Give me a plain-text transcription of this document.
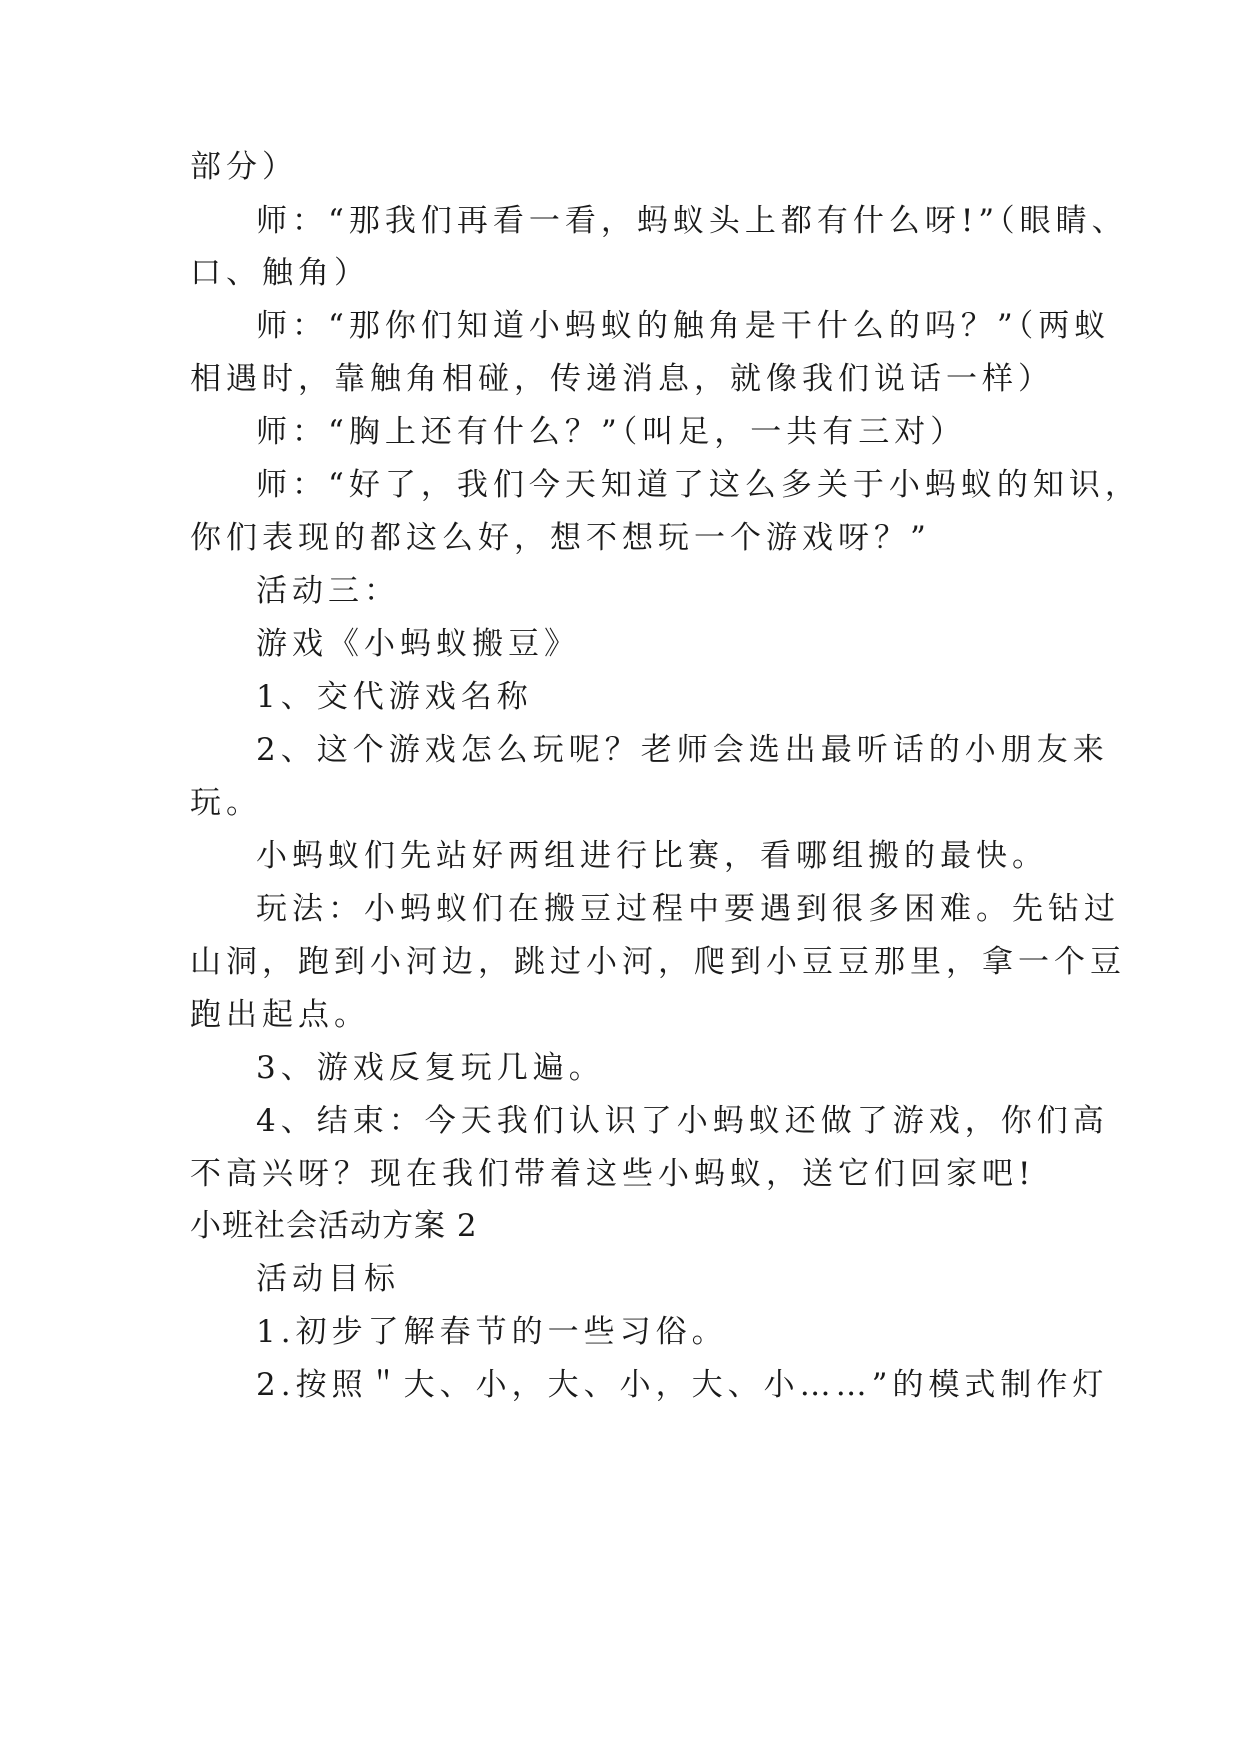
部分）
师：“那我们再看一看，蚂蚁头上都有什么呀!”（眼睛、
口、触角）
师：“那你们知道小蚂蚁的触角是干什么的吗？”（两蚁
相遇时，靠触角相碰，传递消息，就像我们说话一样）
师：“胸上还有什么？”（叫足，一共有三对）
师：“好了，我们今天知道了这么多关于小蚂蚁的知识，
你们表现的都这么好，想不想玩一个游戏呀？”
活动三：
游戏《小蚂蚁搬豆》
1、交代游戏名称
2、这个游戏怎么玩呢？老师会选出最听话的小朋友来
玩。
小蚂蚁们先站好两组进行比赛，看哪组搬的最快。
玩法：小蚂蚁们在搬豆过程中要遇到很多困难。先钻过
山洞，跑到小河边，跳过小河，爬到小豆豆那里，拿一个豆
跑出起点。
3、游戏反复玩几遍。
4、结束：今天我们认识了小蚂蚁还做了游戏，你们高
不高兴呀？现在我们带着这些小蚂蚁，送它们回家吧!
小班社会活动方案 2
活动目标
1.初步了解春节的一些习俗。
2.按照＂大、小，大、小，大、小……”的模式制作灯
